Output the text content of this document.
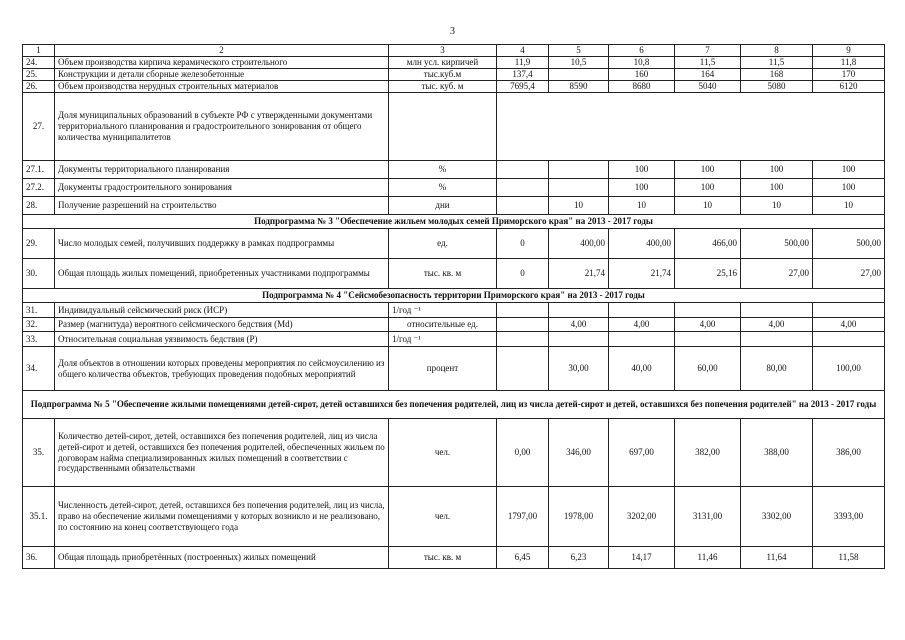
3
1	2	3	4	5	6	7	8	9
24.	Объем производства кирпича керамического строительного	млн усл. кирпичей	11,9	10,5	10,8	11,5	11,5	11,8
25.	Конструкции и детали сборные железобетонные	тыс.куб.м	137,4		160	164	168	170
26.	Объем производства нерудных строительных материалов	тыс. куб. м	7695,4	8590	8680	5040	5080	6120
27.	Доля муниципальных образований в субъекте РФ с утвержденными документами территориального планирования и градостроительного зонирования от общего количества муниципалитетов							
27.1.	Документы территориального планирования	%			100	100	100	100
27.2.	Документы градостроительного зонирования	%			100	100	100	100
28.	Получение разрешений на строительство	дни		10	10	10	10	10
Подпрограмма № 3 "Обеспечение жильем молодых семей Приморского края" на 2013 - 2017 годы								
29.	Число молодых семей, получивших поддержку в рамках подпрограммы	ед.	0	400,00	400,00	466,00	500,00	500,00
30.	Общая площадь жилых помещений, приобретенных участниками подпрограммы	тыс. кв. м	0	21,74	21,74	25,16	27,00	27,00
Подпрограмма № 4 "Сейсмобезопасность территории Приморского края" на 2013 - 2017 годы								
31.	Индивидуальный сейсмический риск (ИСР)	1/год ⁻¹						
32.	Размер (магнитуда) вероятного сейсмического бедствия (Md)	относительные ед.		4,00	4,00	4,00	4,00	4,00
33.	Относительная социальная уязвимость бедствия (Р)	1/год ⁻¹						
34.	Доля объектов в отношении которых проведены мероприятия по сейсмоусилению из общего количества объектов, требующих проведения подобных мероприятий	процент		30,00	40,00	60,00	80,00	100,00
Подпрограмма № 5 "Обеспечение жилыми помещениями детей-сирот, детей оставшихся без попечения родителей, лиц из числа детей-сирот и детей, оставшихся без попечения родителей" на 2013 - 2017 годы								
35.	Количество детей-сирот, детей, оставшихся без попечения родителей, лиц из числа детей-сирот и детей, оставшихся без попечения родителей, обеспеченных жильем по договорам найма специализированных жилых помещений в соответствии с государственными обязательствами	чел.	0,00	346,00	697,00	382,00	388,00	386,00
35.1.	Численность детей-сирот, детей, оставшихся без попечения родителей, лиц из числа, право на обеспечение жилыми помещениями у которых возникло и не реализовано, по состоянию на конец соответствующего года	чел.	1797,00	1978,00	3202,00	3131,00	3302,00	3393,00
36.	Общая площадь приобретённых (построенных) жилых помещений	тыс. кв. м	6,45	6,23	14,17	11,46	11,64	11,58
